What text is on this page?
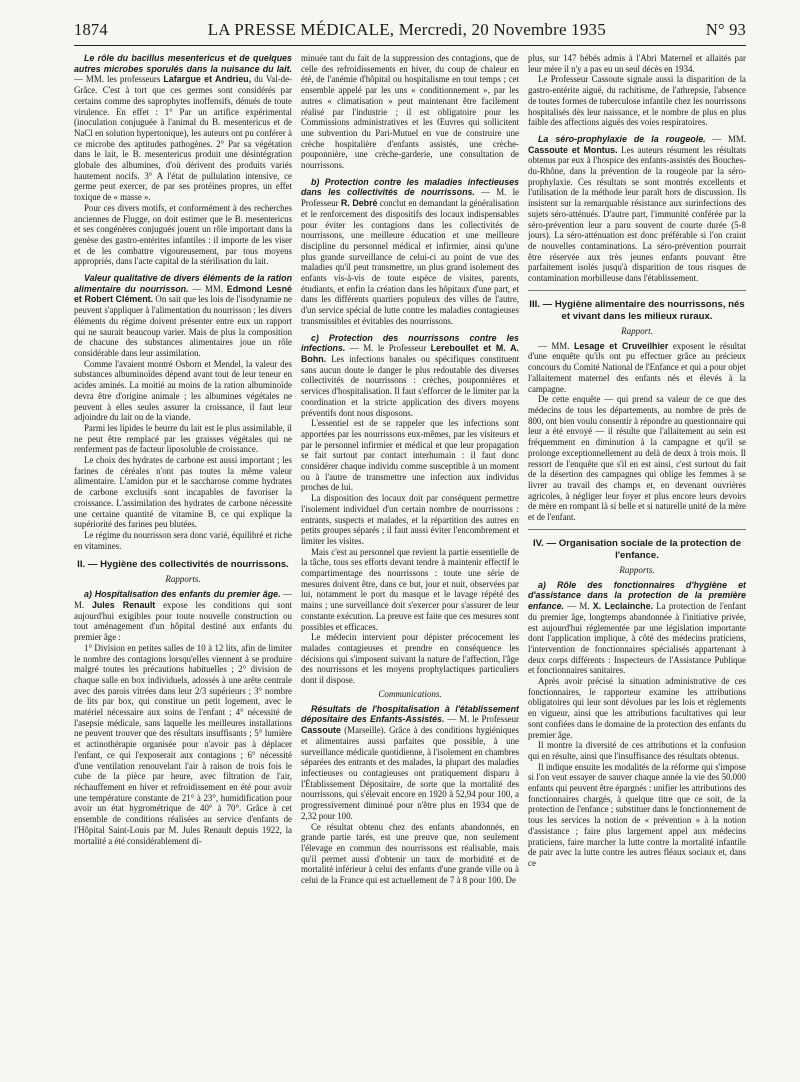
1874	LA PRESSE MÉDICALE, Mercredi, 20 Novembre 1935	N° 93

Le rôle du bacillus mesentericus et de quelques autres microbes sporulés dans la nuisance du lait. — MM. les professeurs Lafargue et Andrieu, du Val-de-Grâce. C'est à tort que ces germes sont considérés par certains comme des saprophytes inoffensifs, dénués de toute virulence. En effet : 1° Par un artifice expérimental (inoculation conjuguée à l'animal du B. mesentericus et de NaCl en solution hypertonique), les auteurs ont pu conférer à ce microbe des aptitudes pathogènes. 2° Par sa végétation dans le lait, le B. mesentericus produit une désintégration globale des albumines, d'où dérivent des produits variés hautement nocifs. 3° A l'état de pullulation intensive, ce germe peut exercer, de par ses protéines propres, un effet toxique de « masse ».

Pour ces divers motifs, et conformément à des recherches anciennes de Flugge, on doit estimer que le B. mesentericus et ses congénères conjugués jouent un rôle important dans la genèse des gastro-entérites infantiles : il importe de les viser et de les combattre vigoureusement, par tous moyens appropriés, dans l'acte capital de la stérilisation du lait.

Valeur qualitative de divers éléments de la ration alimentaire du nourrisson. — MM. Edmond Lesné et Robert Clément. On sait que les lois de l'isodynamie ne peuvent s'appliquer à l'alimentation du nourrisson ; les divers éléments du régime doivent présenter entre eux un rapport qui ne saurait beaucoup varier. Mais de plus la composition de chacune des substances alimentaires joue un rôle considérable dans leur assimilation.

Comme l'avaient montré Osborn et Mendel, la valeur des substances albuminoïdes dépend avant tout de leur teneur en acides aminés. La moitié au moins de la ration albuminoïde devra être d'origine animale ; les albumines végétales ne peuvent à elles seules assurer la croissance, il faut leur adjoindre du lait ou de la viande.

Parmi les lipides le beurre du lait est le plus assimilable, il ne peut être remplacé par les graisses végétales qui ne renferment pas de facteur liposoluble de croissance.

Le choix des hydrates de carbone est aussi important ; les farines de céréales n'ont pas toutes la même valeur alimentaire. L'amidon pur et le saccharose comme hydrates de carbone exclusifs sont incapables de favoriser la croissance. L'assimilation des hydrates de carbone nécessite une certaine quantité de vitamine B, ce qui explique la supériorité des farines peu blutées.

Le régime du nourrisson sera donc varié, équilibré et riche en vitamines.

II. — Hygiène des collectivités de nourrissons.
Rapports.

a) Hospitalisation des enfants du premier âge. — M. Jules Renault expose les conditions qui sont aujourd'hui exigibles pour toute nouvelle construction ou tout aménagement d'un hôpital destiné aux enfants du premier âge :

1° Division en petites salles de 10 à 12 lits, afin de limiter le nombre des contagions lorsqu'elles viennent à se produire malgré toutes les précautions habituelles ; 2° division de chaque salle en box individuels, adossés à une arête centrale avec des parois vitrées dans leur 2/3 supérieurs ; 3° nombre de lits par box, qui constitue un petit logement, avec le matériel nécessaire aux soins de l'enfant ; 4° nécessité de l'asepsie médicale, sans laquelle les meilleures installations ne peuvent trouver que des résultats insuffisants ; 5° lumière et actinothérapie organisée pour n'avoir pas à déplacer l'enfant, ce qui l'exposerait aux contagions ; 6° nécessité d'une ventilation renouvelant l'air à raison de trois fois le cube de la pièce par heure, avec filtration de l'air, réchauffement en hiver et refroidissement en été pour avoir une température constante de 21° à 23°, humidification pour avoir un état hygrométrique de 40° à 70°. Grâce à cet ensemble de conditions réalisées au service d'enfants de l'Hôpital Saint-Louis par M. Jules Renault depuis 1922, la mortalité a été considérablement di-

minuée tant du fait de la suppression des contagions, que de celle des refroidissements en hiver, du coup de chaleur en été, de l'anémie d'hôpital ou hospitalisme en tout temps ; cet ensemble appelé par les uns « conditionnement », par les autres « climatisation » peut maintenant être facilement réalisé par l'industrie ; il est obligatoire pour les Commissions administratives et les Œuvres qui sollicitent une subvention du Pari-Mutuel en vue de construire une crèche hospitalière d'enfants assistés, une crèche-pouponnière, une crèche-garderie, une consultation de nourrissons.

b) Protection contre les maladies infectieuses dans les collectivités de nourrissons. — M. le Professeur R. Debré conclut en demandant la généralisation et le renforcement des dispositifs des locaux indispensables pour éviter les contagions dans les collectivités de nourrissons, une meilleure éducation et une meilleure discipline du personnel médical et infirmier, ainsi qu'une plus grande surveillance de celui-ci au point de vue des maladies qu'il peut transmettre, un plus grand isolement des enfants vis-à-vis de toute espèce de visites, parents, étudiants, et enfin la création dans les hôpitaux d'une part, et dans les différents quartiers populeux des villes de l'autre, d'un service spécial de lutte contre les maladies contagieuses transmissibles et évitables des nourrissons.

c) Protection des nourrissons contre les infections. — M. le Professeur Lereboullet et M. A. Bohn. Les infections banales ou spécifiques constituent sans aucun doute le danger le plus redoutable des diverses collectivités de nourrissons : crèches, pouponnières et services d'hospitalisation. Il faut s'efforcer de le limiter par la coordination et la stricte application des divers moyens préventifs dont nous disposons.

L'essentiel est de se rappeler que les infections sont apportées par les nourrissons eux-mêmes, par les visiteurs et par le personnel infirmier et médical et que leur propagation se fait surtout par contact interhumain : il faut donc considérer chaque individu comme susceptible à un moment ou à l'autre de transmettre une infection aux individus proches de lui.

La disposition des locaux doit par conséquent permettre l'isolement individuel d'un certain nombre de nourrissons : entrants, suspects et malades, et la répartition des autres en petits groupes séparés ; il faut aussi éviter l'encombrement et limiter les visites.

Mais c'est au personnel que revient la partie essentielle de la tâche, tous ses efforts devant tendre à maintenir effectif le compartimentage des nourrissons : toute une série de mesures doivent être, dans ce but, jour et nuit, observées par lui, notamment le port du masque et le lavage répété des mains ; une surveillance doit s'exercer pour s'assurer de leur constante exécution. La preuve est faite que ces mesures sont possibles et efficaces.

Le médecin intervient pour dépister précocement les malades contagieuses et prendre en conséquence les décisions qui s'imposent suivant la nature de l'affection, l'âge des nourrissons et les moyens prophylactiques particuliers dont il dispose.

Communications.

Résultats de l'hospitalisation à l'établissement dépositaire des Enfants-Assistés. — M. le Professeur Cassoute (Marseille). Grâce à des conditions hygiéniques et alimentaires aussi parfaites que possible, à une surveillance médicale quotidienne, à l'isolement en chambres séparées des entrants et des malades, la plupart des maladies infectieuses ou contagieuses ont pratiquement disparu à l'Établissement Dépositaire, de sorte que la mortalité des nourrissons, qui s'élevait encore en 1920 à 52,94 pour 100, a progressivement diminué pour n'être plus en 1934 que de 2,32 pour 100.

Ce résultat obtenu chez des enfants abandonnés, en grande partie tarés, est une preuve que, non seulement l'élevage en commun des nourrissons est réalisable, mais qu'il permet aussi d'obtenir un taux de morbidité et de mortalité inférieur à celui des enfants d'une grande ville ou à celui de la France qui est actuellement de 7 à 8 pour 100. De

plus, sur 147 bébés admis à l'Abri Maternel et allaités par leur mère il n'y a pas eu un seul décès en 1934.

Le Professeur Cassoute signale aussi la disparition de la gastro-entérite aiguë, du rachitisme, de l'athrepsie, l'absence de toutes formes de tuberculose infantile chez les nourrissons hospitalisés dès leur naissance, et le nombre de plus en plus faible des affections aiguës des voies respiratoires.

La séro-prophylaxie de la rougeole. — MM. Cassoute et Montus. Les auteurs résument les résultats obtenus par eux à l'hospice des enfants-assistés des Bouches-du-Rhône, dans la prévention de la rougeole par la séro-prophylaxie. Ces résultats se sont montrés excellents et l'utilisation de la méthode leur paraît hors de discussion. Ils insistent sur la remarquable résistance aux surinfections des sujets séro-atténués. D'autre part, l'immunité conférée par la séro-prévention leur a paru souvent de courte durée (5-8 jours). La séro-atténuation est donc préférable si l'on craint de nouvelles contaminations. La séro-prévention pourrait être réservée aux très jeunes enfants pouvant être parfaitement isolés jusqu'à disparition de tous risques de contamination morbilleuse dans l'établissement.

III. — Hygiène alimentaire des nourrissons, nés et vivant dans les milieux ruraux.
Rapport.

— MM. Lesage et Cruveilhier exposent le résultat d'une enquête qu'ils ont pu effectuer grâce au précieux concours du Comité National de l'Enfance et qui a pour objet l'allaitement maternel des enfants nés et élevés à la campagne.

De cette enquête — qui prend sa valeur de ce que des médecins de tous les départements, au nombre de près de 800, ont bien voulu consentir à répondre au questionnaire qui leur a été envoyé — il résulte que l'allaitement au sein est fréquemment en diminution à la campagne et qu'il se prolonge exceptionnellement au delà de deux à trois mois. Il ressort de l'enquête que s'il en est ainsi, c'est surtout du fait de la désertion des campagnes qui oblige les femmes à se livrer au travail des champs et, en devenant ouvrières agricoles, à négliger leur foyer et plus encore leurs devoirs de mère en rompant là si belle et si naturelle unité de la mère et de l'enfant.

IV. — Organisation sociale de la protection de l'enfance.
Rapports.

a) Rôle des fonctionnaires d'hygiène et d'assistance dans la protection de la première enfance. — M. X. Leclainche. La protection de l'enfant du premier âge, longtemps abandonnée à l'initiative privée, est aujourd'hui réglementée par une législation importante dont l'application implique, à côté des médecins praticiens, l'intervention de fonctionnaires spécialisés appartenant à deux corps différents : Inspecteurs de l'Assistance Publique et fonctionnaires sanitaires.

Après avoir précisé la situation administrative de ces fonctionnaires, le rapporteur examine les attributions obligatoires qui leur sont dévolues par les lois et règlements en vigueur, ainsi que les attributions facultatives qui leur sont confiées dans le domaine de la protection des enfants du premier âge.

Il montre la diversité de ces attributions et la confusion qui en résulte, ainsi que l'insuffisance des résultats obtenus.

Il indique ensuite les modalités de la réforme qui s'impose si l'on veut essayer de sauver chaque année la vie des 50.000 enfants qui peuvent être épargnés : unifier les attributions des fonctionnaires chargés, à quelque titre que ce soit, de la protection de l'enfance ; substituer dans le fonctionnement de tous les services la notion de « prévention » à la notion d'assistance ; faire plus largement appel aux médecins praticiens, faire marcher la lutte contre la mortalité infantile de pair avec la lutte contre les autres fléaux sociaux et, dans ce
